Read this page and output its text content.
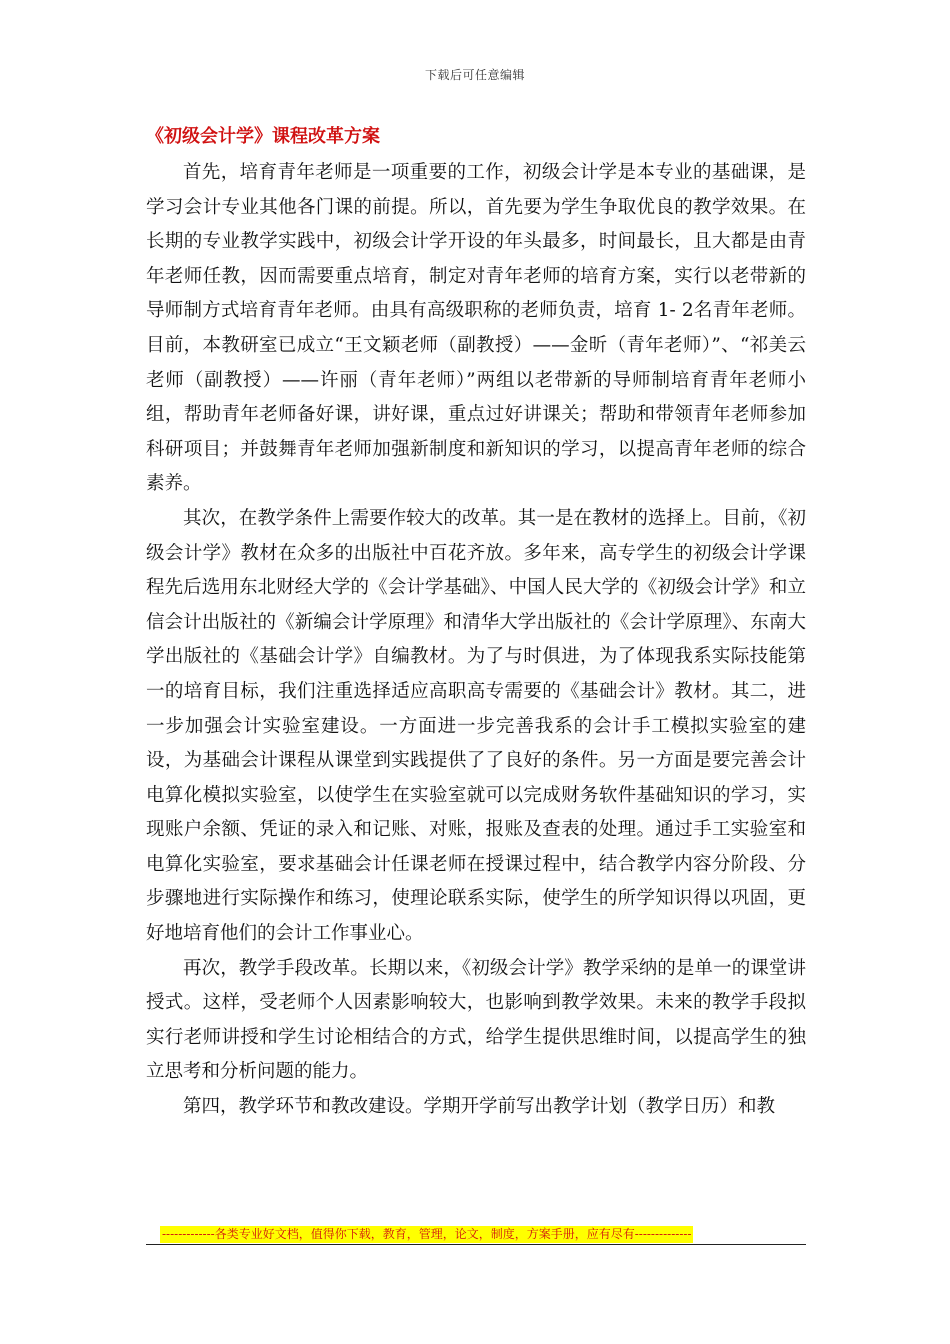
下载后可任意编辑
《初级会计学》课程改革方案

首先，培育青年老师是一项重要的工作，初级会计学是本专业的基础课，是学习会计专业其他各门课的前提。所以，首先要为学生争取优良的教学效果。在长期的专业教学实践中，初级会计学开设的年头最多，时间最长，且大都是由青年老师任教，因而需要重点培育，制定对青年老师的培育方案，实行以老带新的导师制方式培育青年老师。由具有高级职称的老师负责，培育 1- 2名青年老师。目前，本教研室已成立“王文颖老师（副教授）——金昕（青年老师）”、“祁美云老师（副教授）——许丽（青年老师）”两组以老带新的导师制培育青年老师小组，帮助青年老师备好课，讲好课，重点过好讲课关；帮助和带领青年老师参加科研项目；并鼓舞青年老师加强新制度和新知识的学习，以提高青年老师的综合素养。

其次，在教学条件上需要作较大的改革。其一是在教材的选择上。目前，《初级会计学》教材在众多的出版社中百花齐放。多年来，高专学生的初级会计学课程先后选用东北财经大学的《会计学基础》、中国人民大学的《初级会计学》和立信会计出版社的《新编会计学原理》和清华大学出版社的《会计学原理》、东南大学出版社的《基础会计学》自编教材。为了与时俱进，为了体现我系实际技能第一的培育目标，我们注重选择适应高职高专需要的《基础会计》教材。其二，进一步加强会计实验室建设。一方面进一步完善我系的会计手工模拟实验室的建设，为基础会计课程从课堂到实践提供了了良好的条件。另一方面是要完善会计电算化模拟实验室，以使学生在实验室就可以完成财务软件基础知识的学习，实现账户余额、凭证的录入和记账、对账，报账及查表的处理。通过手工实验室和电算化实验室，要求基础会计任课老师在授课过程中，结合教学内容分阶段、分步骤地进行实际操作和练习，使理论联系实际，使学生的所学知识得以巩固，更好地培育他们的会计工作事业心。

再次，教学手段改革。长期以来，《初级会计学》教学采纳的是单一的课堂讲授式。这样，受老师个人因素影响较大，也影响到教学效果。未来的教学手段拟实行老师讲授和学生讨论相结合的方式，给学生提供思维时间，以提高学生的独立思考和分析问题的能力。

第四，教学环节和教改建设。学期开学前写出教学计划（教学日历）和教

-------------各类专业好文档，值得你下载，教育，管理，论文，制度，方案手册，应有尽有--------------
